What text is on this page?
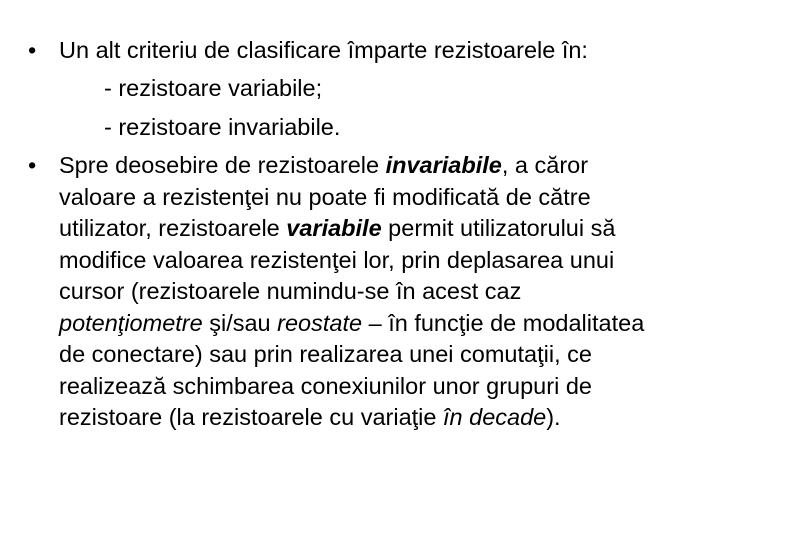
• Un alt criteriu de clasificare împarte rezistoarele în:
- rezistoare variabile;
- rezistoare invariabile.
• Spre deosebire de rezistoarele invariabile, a căror
valoare a rezistenţei nu poate fi modificată de către
utilizator, rezistoarele variabile permit utilizatorului să
modifice valoarea rezistenţei lor, prin deplasarea unui
cursor (rezistoarele numindu-se în acest caz
potenţiometre şi/sau reostate – în funcţie de modalitatea
de conectare) sau prin realizarea unei comutaţii, ce
realizează schimbarea conexiunilor unor grupuri de
rezistoare (la rezistoarele cu variaţie în decade).
